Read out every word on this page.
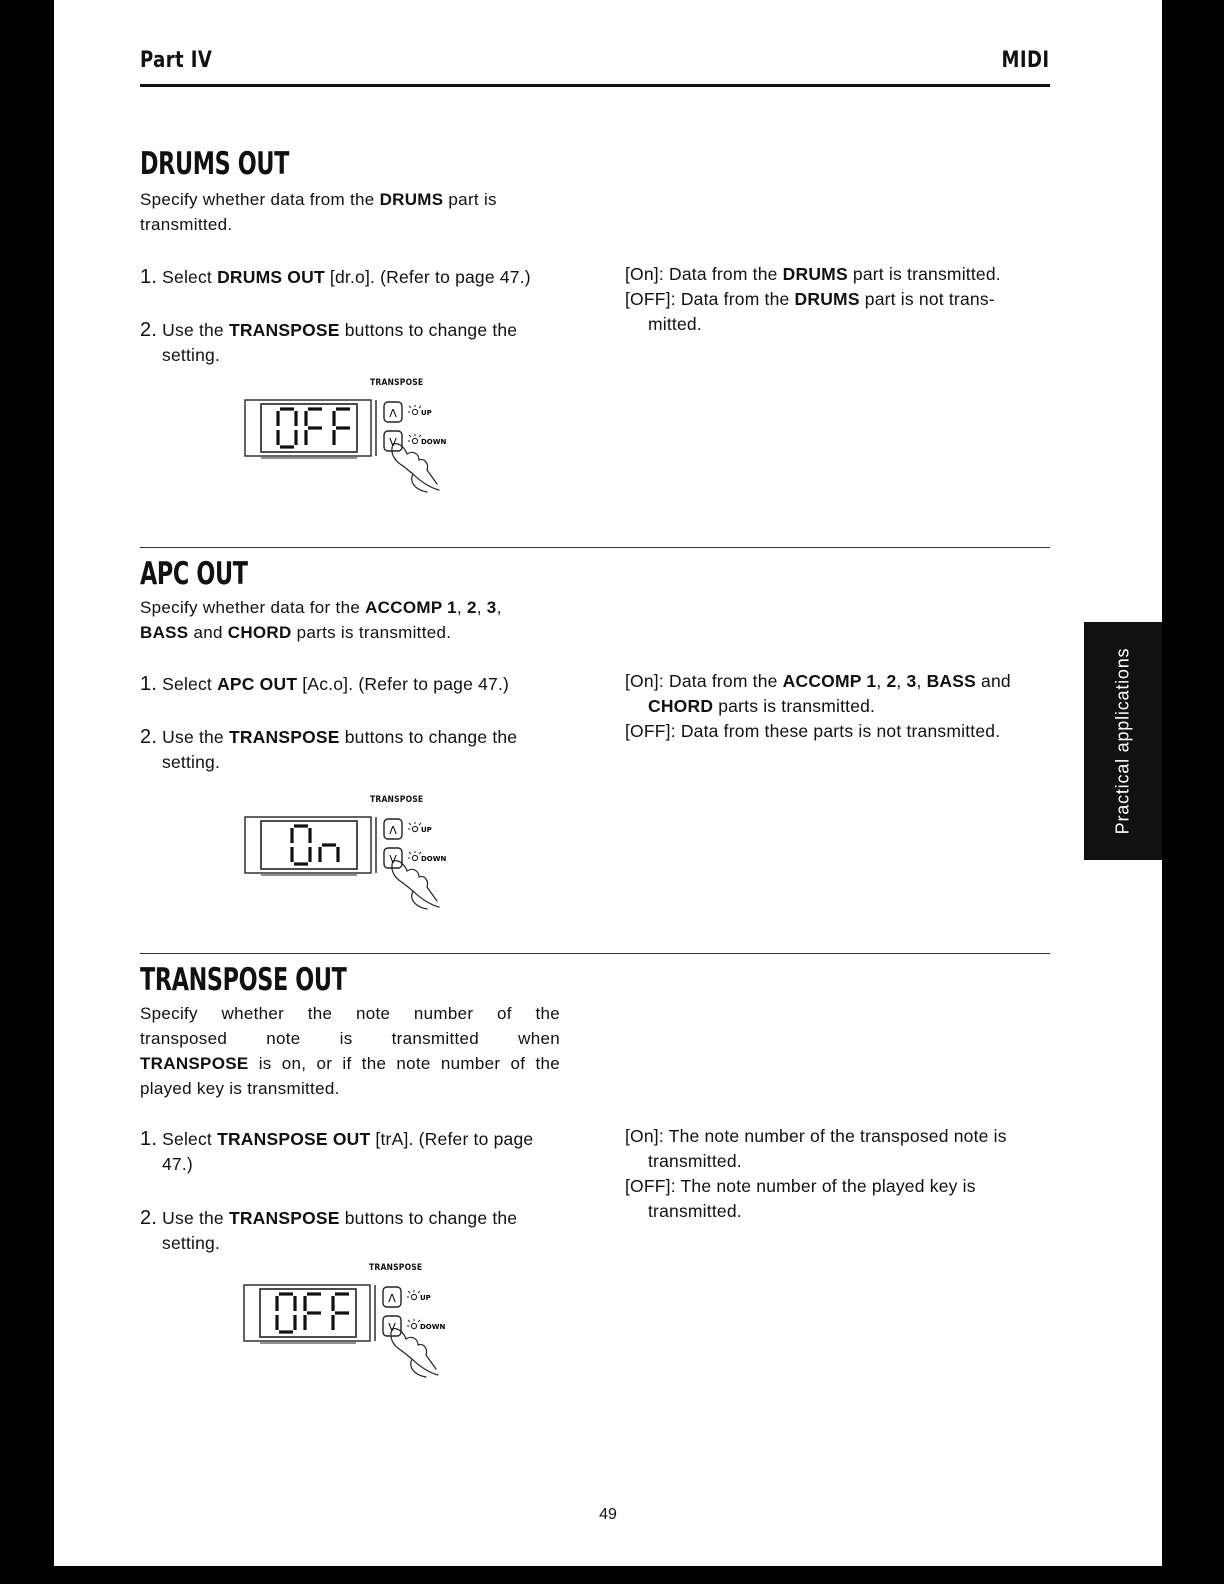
Part IV	MIDI
DRUMS OUT
Specify whether data from the DRUMS part is
transmitted.
1. Select DRUMS OUT [dr.o]. (Refer to page 47.)
2. Use the TRANSPOSE buttons to change the
setting.
[On]: Data from the DRUMS part is transmitted.
[OFF]: Data from the DRUMS part is not trans-
mitted.
TRANSPOSE
Λ
V
UP
DOWN
APC OUT
Specify whether data for the ACCOMP 1, 2, 3,
BASS and CHORD parts is transmitted.
1. Select APC OUT [Ac.o]. (Refer to page 47.)
2. Use the TRANSPOSE buttons to change the
setting.
[On]: Data from the ACCOMP 1, 2, 3, BASS and
CHORD parts is transmitted.
[OFF]: Data from these parts is not transmitted.
TRANSPOSE
Λ
V
UP
DOWN
TRANSPOSE OUT
Specify whether the note number of the
transposed note is transmitted when
TRANSPOSE is on, or if the note number of the
played key is transmitted.
1. Select TRANSPOSE OUT [trA]. (Refer to page
47.)
2. Use the TRANSPOSE buttons to change the
setting.
[On]: The note number of the transposed note is
transmitted.
[OFF]: The note number of the played key is
transmitted.
TRANSPOSE
Λ
V
UP
DOWN
Practical applications
49
